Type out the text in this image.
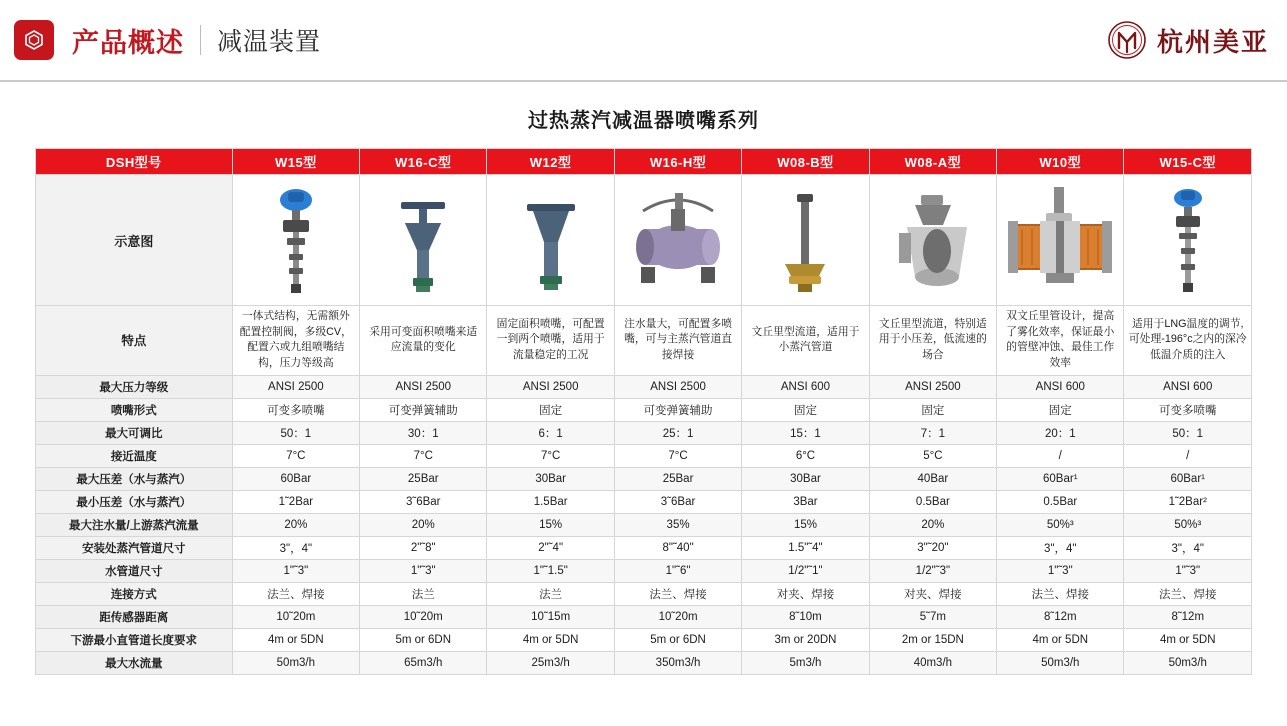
产品概述 减温装置	杭州美亚
过热蒸汽减温器喷嘴系列
DSH型号	W15型	W16-C型	W12型	W16-H型	W08-B型	W08-A型	W10型	W15-C型
示意图	

特点	一体式结构，无需额外配置控制阀，多级CV，配置六或九组喷嘴结构，压力等级高	采用可变面积喷嘴来适应流量的变化	固定面积喷嘴，可配置一到两个喷嘴，适用于流量稳定的工况	注水量大，可配置多喷嘴，可与主蒸汽管道直接焊接	文丘里型流道，适用于小蒸汽管道	文丘里型流道，特别适用于小压差，低流速的场合	双文丘里管设计，提高了雾化效率，保证最小的管壁冲蚀、最佳工作效率	适用于LNG温度的调节,可处理-196°c之内的深冷低温介质的注入
最大压力等级	ANSI 2500	ANSI 2500	ANSI 2500	ANSI 2500	ANSI 600	ANSI 2500	ANSI 600	ANSI 600
喷嘴形式	可变多喷嘴	可变弹簧辅助	固定	可变弹簧辅助	固定	固定	固定	可变多喷嘴
最大可调比	50：1	30：1	6：1	25：1	15：1	7：1	20：1	50：1
接近温度	7°C	7°C	7°C	7°C	6°C	5°C	/	/
最大压差（水与蒸汽）	60Bar	25Bar	30Bar	25Bar	30Bar	40Bar	60Bar¹	60Bar¹
最小压差（水与蒸汽）	1˜2Bar	3˜6Bar	1.5Bar	3˜6Bar	3Bar	0.5Bar	0.5Bar	1˜2Bar²
最大注水量/上游蒸汽流量	20%	20%	15%	35%	15%	20%	50%³	50%³
安装处蒸汽管道尺寸	3"，4"	2"˜8"	2"˜4"	8"˜40"	1.5"˜4"	3"˜20"	3"，4"	3"，4"
水管道尺寸	1"˜3"	1"˜3"	1"˜1.5"	1"˜6"	1/2"˜1"	1/2"˜3"	1"˜3"	1"˜3"
连接方式	法兰、焊接	法兰	法兰	法兰、焊接	对夹、焊接	对夹、焊接	法兰、焊接	法兰、焊接
距传感器距离	10˜20m	10˜20m	10˜15m	10˜20m	8˜10m	5˜7m	8˜12m	8˜12m
下游最小直管道长度要求	4m or 5DN	5m or 6DN	4m or 5DN	5m or 6DN	3m or 20DN	2m or 15DN	4m or 5DN	4m or 5DN
最大水流量	50m3/h	65m3/h	25m3/h	350m3/h	5m3/h	40m3/h	50m3/h	50m3/h
